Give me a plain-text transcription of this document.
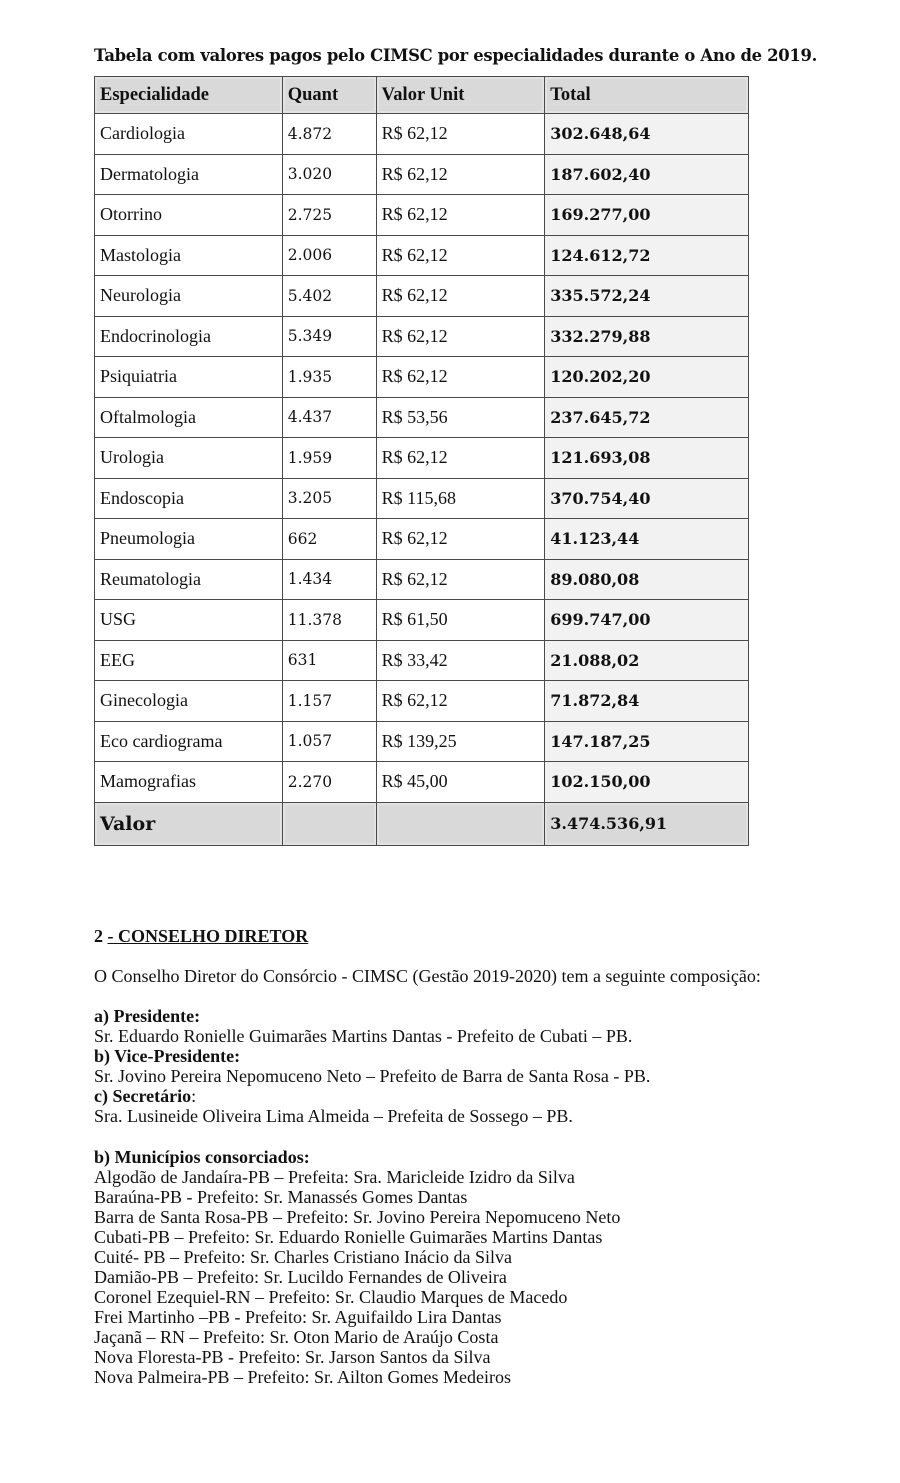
Tabela com valores pagos pelo CIMSC por especialidades durante o Ano de 2019.
Especialidade	Quant	Valor Unit	Total
Cardiologia	4.872	R$ 62,12	302.648,64
Dermatologia	3.020	R$ 62,12	187.602,40
Otorrino	2.725	R$ 62,12	169.277,00
Mastologia	2.006	R$ 62,12	124.612,72
Neurologia	5.402	R$ 62,12	335.572,24
Endocrinologia	5.349	R$ 62,12	332.279,88
Psiquiatria	1.935	R$ 62,12	120.202,20
Oftalmologia	4.437	R$ 53,56	237.645,72
Urologia	1.959	R$ 62,12	121.693,08
Endoscopia	3.205	R$ 115,68	370.754,40
Pneumologia	662	R$ 62,12	41.123,44
Reumatologia	1.434	R$ 62,12	89.080,08
USG	11.378	R$ 61,50	699.747,00
EEG	631	R$ 33,42	21.088,02
Ginecologia	1.157	R$ 62,12	71.872,84
Eco cardiograma	1.057	R$ 139,25	147.187,25
Mamografias	2.270	R$ 45,00	102.150,00
Valor			3.474.536,91
2 - CONSELHO DIRETOR
O Conselho Diretor do Consórcio - CIMSC (Gestão 2019-2020) tem a seguinte composição:
a) Presidente:
Sr. Eduardo Ronielle Guimarães Martins Dantas - Prefeito de Cubati – PB.
b) Vice-Presidente:
Sr. Jovino Pereira Nepomuceno Neto – Prefeito de Barra de Santa Rosa - PB.
c) Secretário:
Sra. Lusineide Oliveira Lima Almeida – Prefeita de Sossego – PB.
b) Municípios consorciados:
Algodão de Jandaíra-PB – Prefeita: Sra. Maricleide Izidro da Silva
Baraúna-PB - Prefeito: Sr. Manassés Gomes Dantas
Barra de Santa Rosa-PB – Prefeito: Sr. Jovino Pereira Nepomuceno Neto
Cubati-PB – Prefeito: Sr. Eduardo Ronielle Guimarães Martins Dantas
Cuité- PB – Prefeito: Sr. Charles Cristiano Inácio da Silva
Damião-PB – Prefeito: Sr. Lucildo Fernandes de Oliveira
Coronel Ezequiel-RN – Prefeito: Sr. Claudio Marques de Macedo
Frei Martinho –PB - Prefeito: Sr. Aguifaildo Lira Dantas
Jaçanã – RN – Prefeito: Sr. Oton Mario de Araújo Costa
Nova Floresta-PB - Prefeito: Sr. Jarson Santos da Silva
Nova Palmeira-PB – Prefeito: Sr. Ailton Gomes Medeiros
